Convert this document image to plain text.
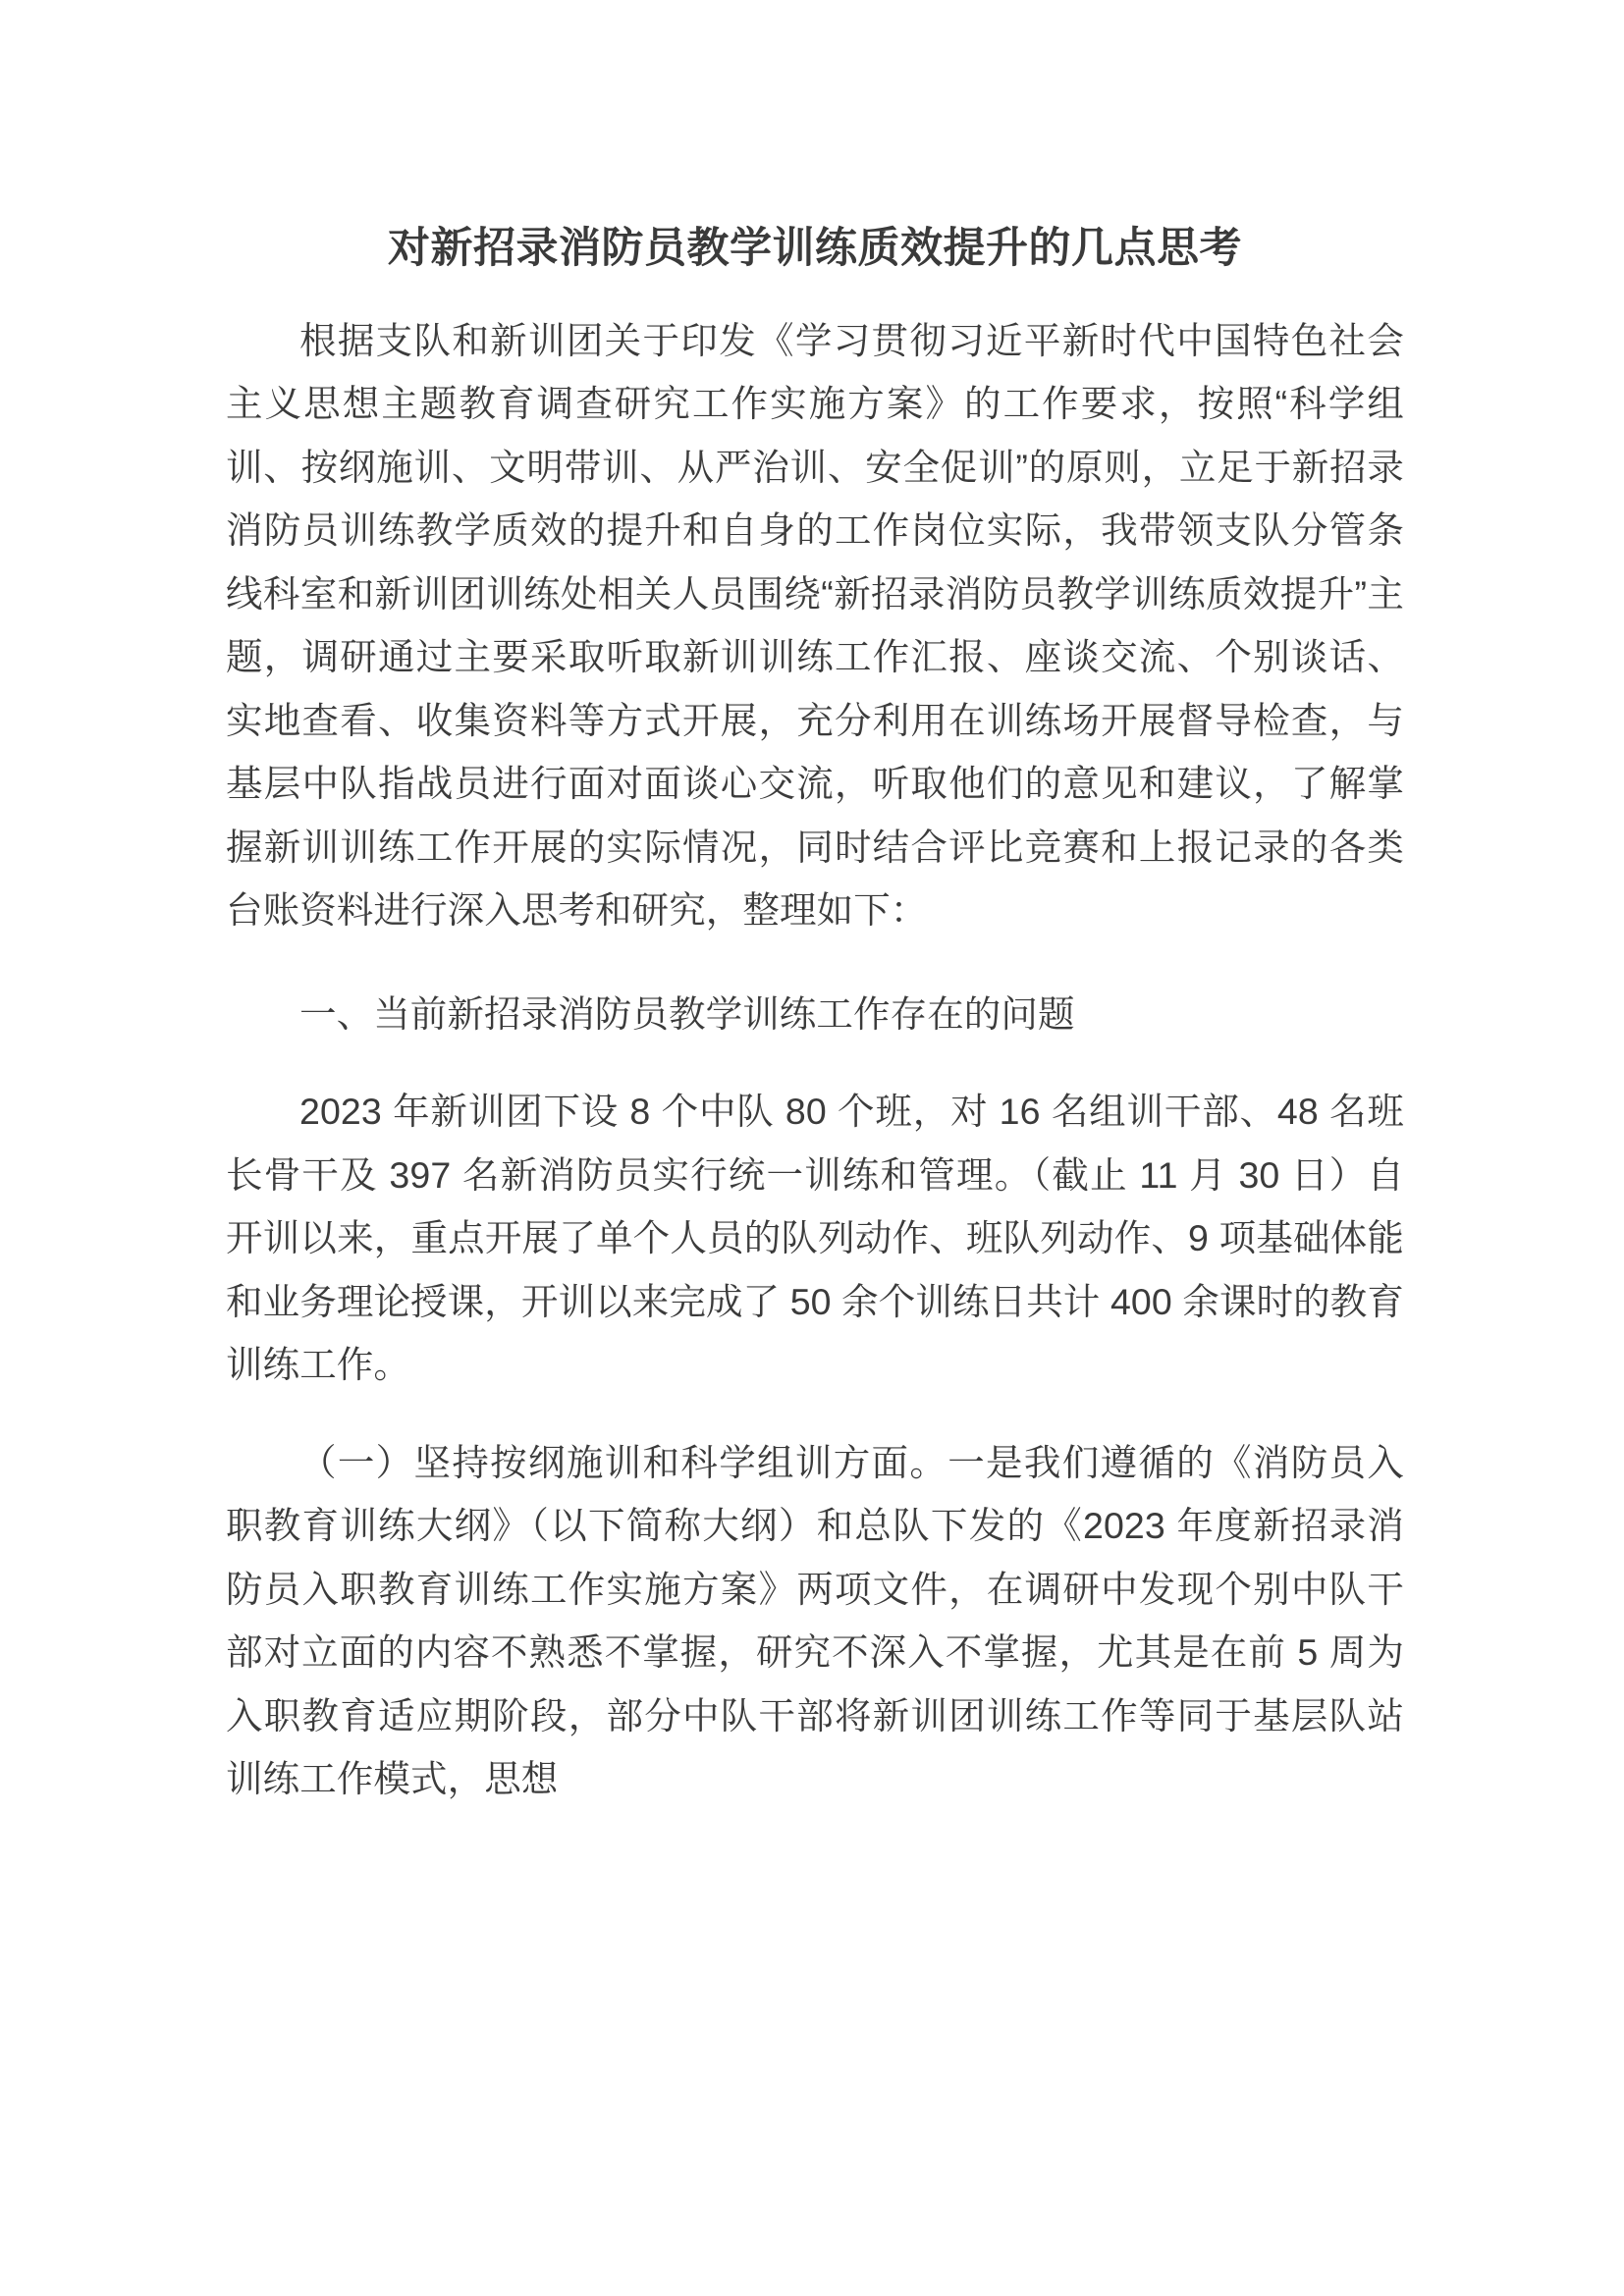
对新招录消防员教学训练质效提升的几点思考

根据支队和新训团关于印发《学习贯彻习近平新时代中国特色社会主义思想主题教育调查研究工作实施方案》的工作要求，按照“科学组训、按纲施训、文明带训、从严治训、安全促训”的原则，立足于新招录消防员训练教学质效的提升和自身的工作岗位实际，我带领支队分管条线科室和新训团训练处相关人员围绕“新招录消防员教学训练质效提升”主题，调研通过主要采取听取新训训练工作汇报、座谈交流、个别谈话、实地查看、收集资料等方式开展，充分利用在训练场开展督导检查，与基层中队指战员进行面对面谈心交流，听取他们的意见和建议，了解掌握新训训练工作开展的实际情况，同时结合评比竞赛和上报记录的各类台账资料进行深入思考和研究，整理如下：

一、当前新招录消防员教学训练工作存在的问题

2023 年新训团下设 8 个中队 80 个班，对 16 名组训干部、48 名班长骨干及 397 名新消防员实行统一训练和管理。（截止 11 月 30 日）自开训以来，重点开展了单个人员的队列动作、班队列动作、9 项基础体能和业务理论授课，开训以来完成了 50 余个训练日共计 400 余课时的教育训练工作。

（一）坚持按纲施训和科学组训方面。一是我们遵循的《消防员入职教育训练大纲》（以下简称大纲）和总队下发的《2023 年度新招录消防员入职教育训练工作实施方案》两项文件，在调研中发现个别中队干部对立面的内容不熟悉不掌握，研究不深入不掌握，尤其是在前 5 周为入职教育适应期阶段，部分中队干部将新训团训练工作等同于基层队站训练工作模式，思想
